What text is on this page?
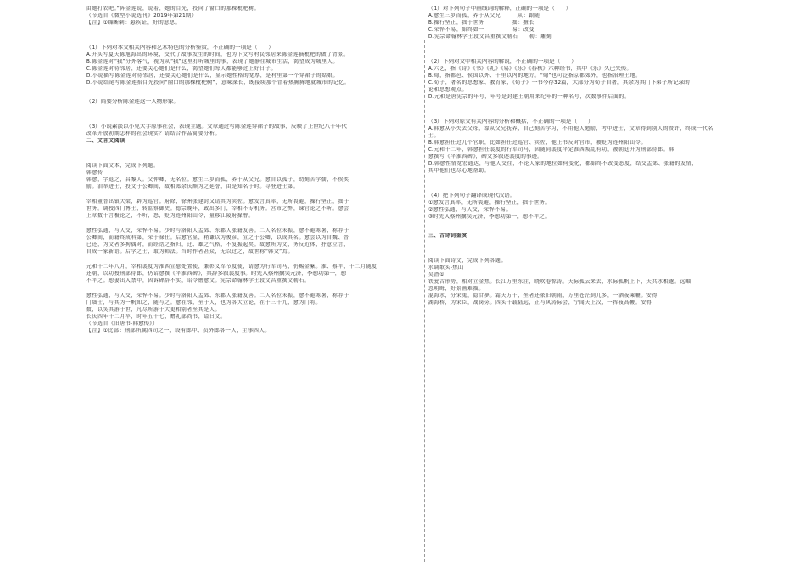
由她打农吧。”阵金莲说，说着，她的目光，投向了窗口的那棵枇杷树。
（节选自《微型小说选刊》2019年第21期）
【注】①缫断刺：悬疾证，好的意思。
（1）下列对本文相关内容和艺术特色的分析鉴赏，不正确的一项是（　　）
A.开头写夏天陈旭海出的环境，交代了故事发生的时间，也为下文写村民邻居来陈金莲摘枇杷的做了背景。
B.陈金莲对“我”分外客气，视为从“我”这里打听城里的事，表现了她静往城市生活，渴望成为城里人。
C.陈金莲对待邻居，还要关心她们是什么，渴望她们每人都能够过上好日子。
D.小说描写陈金莲对待邻居，还要关心她们是什么，显示她性格的宽厚，是村里第一个穿裙子的姑娘。
D.小说结尾写陈金莲抬目光投向“窗口的那棵枇杷树”，意味深长，既接续那个冒着热腾腾地就城市的记忆。
（2）简要分析陈金莲这一人物形象。
（3）小说素淡以小见大手原事社会，表现主题。文章通过写陈金莲穿裙子的故事，反映了上世纪八十年代
改革开放初期怎样的社会现实？请结合作品简要分析。
二、文言文阅读
阅读下面文本，完成下列题。
韩愈传
韩愈，字退之，昌黎人。父仲卿，无名位。愈生三岁而孤，养于从父兄。愈自以孤子，幼刻苦学儒，不俟奖
励。洎举进士，投文于公卿间，故相郑余庆颇为之延誉，由是知名于时。寻登进士第。
宰相董晋出镇大梁，辟为巡官。府除，徐州张建封又请其为宾佐。愈发言真率，无所畏避，操行坚正，拙于
世务。调授四门博士，转监察御史。德宗晚年，政出多门，宰相不专机务。宫市之弊，谏官论之不听。愈尝
上章数千言极论之，不听，怒，贬为连州阳山令，量移江陵府掾曹。
愈性弘通，与人交，荣悴不易。少时与洛阳人孟郊、东郡人张籍友善。二人名位未振，愈不避寒暑，称荐于
公卿间，而籍终成科第，荣于禄仕。后愈官显，稍谦以为俊彦，宣之于公卿，以成其名。愈尝以为自魏、晋
已还，为文者多拘偶对，而经诰之指归，迁、雄之气格，不复振起矣。故愈所为文，务反近体，抒意立言，
自成一家新语。后学之士，取为师法。当时作者甚众，无以过之，故世称“韩文”焉。
元和十二年八月，宰相裴度为淮西宣慰处置使，兼彰义军节度使，请愈为行军司马，仍赐金紫。淮、蔡平，十二月随度
还朝，以功授刑部侍郎，仍诏愈撰《平淮西碑》，其辞多叙裴度事。时先入蔡州擒吴元济，李愬功第一，愬
不平之。愬妻出入禁中，因诉碑辞不实，诏令磨愈文。宪宗命翰林学士段文昌重撰文勒石。
愈性弘通，与人交，荣悴不易。少时与洛阳人孟郊、东郡人张籍友善。二人名位未振，愈不避寒暑，称荐于
门墙士，与其为一帆知之，随与之。愈在邻，至于人，也为各大立论，在于三十九，愈为门将。
数，以笑其游于世，凡尽所游于大更相别者至其是人。
长庆四年十二月卒，时年五十七，赠礼部尚书，谥曰文。
（节选自《旧唐书·韩愈传》）
【注】①比部：刑部所属四司之一，设有郎中、员外郎各一人，主事四人。
（1）对下列句子中画线词的解释，正确的一项是（　　）
A.愈生三岁而孤，养于从父兄　　　从：跟随
B.操行坚正，拙于世务　　　　　拙：擅长
C.荣悴不易，始终如一　　　　　易：改变
D.宪宗命翰林学士段文昌重撰文勒石　　勒：雕刻
（2）下列对文中相关内容的解说，不正确的一项是（　　）
A.六艺，指《诗》《书》《礼》《易》《乐》《春秋》六种经书，其中《乐》久已失传。
B.甸，指都邑、侯国以外、千里以内的地方。“甸”也可泛指京都郊外，也指治理土地。
C.荀子，著名的思想家、教育家，《荀子》一书今存32篇，大部分为荀子自著，其余为其门下弟子所记录的
论和思想观点。
D.元和是唐宪宗的年号，年号是封建王朝用来纪年的一种名号，次数事件后面的。
（3）下列对原文有关内容的分析和概括，不正确的一项是（　　）
A.韩愈从小失去父母，靠从父兄抚养，自己刻苦学习，不用他人勉励，考中进士，文章得到别人的赞许，终成一代名
士。
B.韩愈担任过几个官职，比如担任过巡官、宾佐，他上书反对宫市，被贬为连州阳山令。
C.元和十二年，韩愈担任裴度的行军司马，因随同裴度平定淮西叛乱有功，被朝廷升为刑部侍郎。韩
愈撰写《平淮西碑》，碑文多叙述裴度的事迹。
D.韩愈性情宽宏通达，与他人交往，不论人家的地位如何变化，都始终不改变态度，结交孟郊、张籍的友情，
其中他们也尽心地帮助。
（4）把下列句子翻译成现代汉语。
①愈发言真率，无所畏避，操行坚正，拙于世务。
②愈性弘通，与人交，荣悴不易。
③时先入蔡州擒吴元济，李愬功第一，愬不平之。
三、古诗词鉴赏
阅读下面诗文，完成下列各题。
水调歌头·焦山
吴潜①
铁瓮古形势，相对立金焦。长江万里东注，晓吹卷惊涛。天际孤云来去，水际孤帆上下，天共水相邈。远岫
忽明晦，好景画难描。
混海水，分宋嵬，隐甘夢。霜天万千，坐者还依旧朝雨，万里苍茫到几多，一洒夜乘鞭。安得
湖海桥，为宋臣，战岗旁。四头千载陆远，正与风涛际会，宁闻天上汉，一挥夜高鞭。安得
